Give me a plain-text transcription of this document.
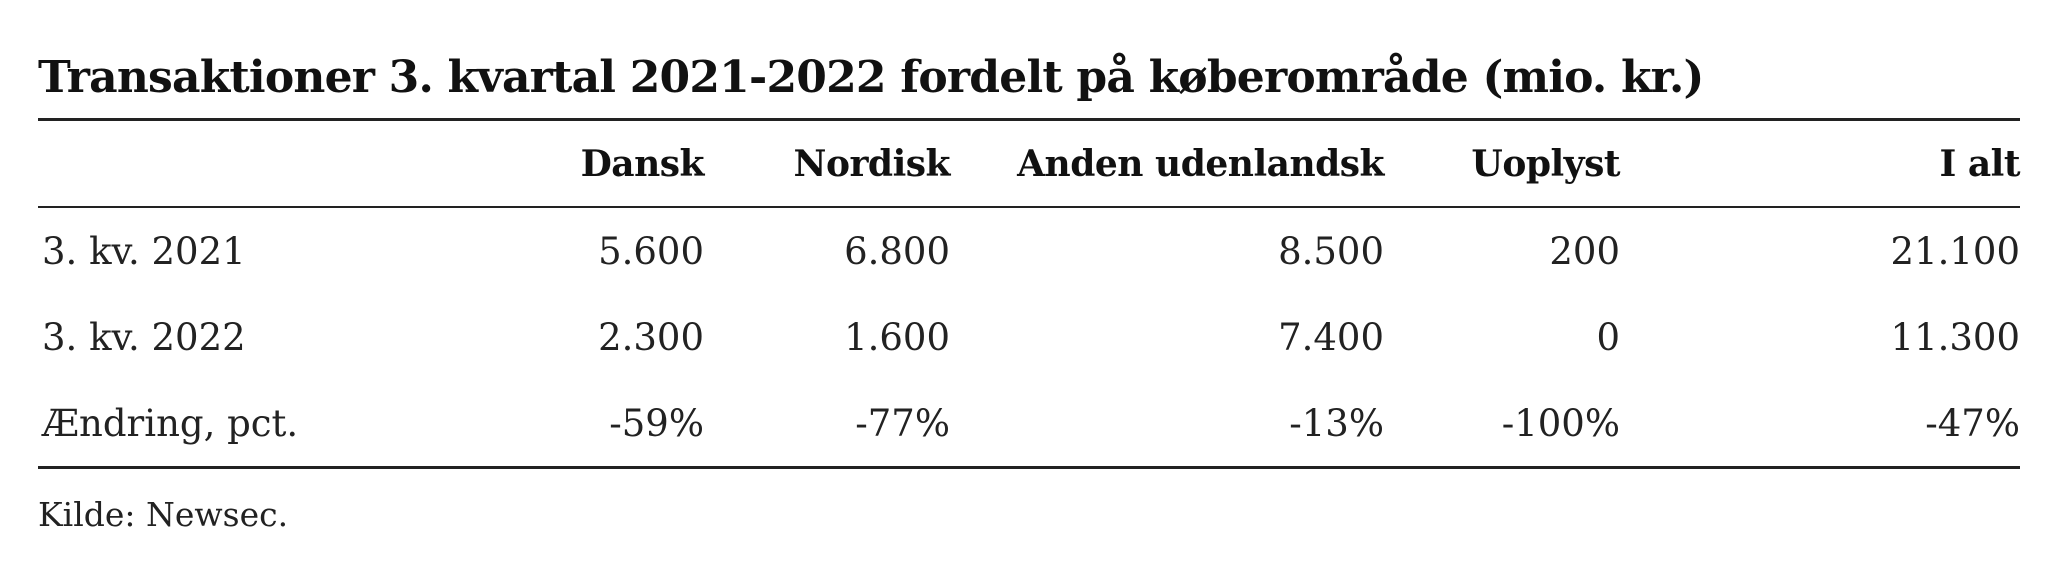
Transaktioner 3. kvartal 2021-2022 fordelt på køberområde (mio. kr.)
	Dansk	Nordisk	Anden udenlandsk	Uoplyst	I alt
3. kv. 2021	5.600	6.800	8.500	200	21.100
3. kv. 2022	2.300	1.600	7.400	0	11.300
Ændring, pct.	-59%	-77%	-13%	-100%	-47%
Kilde: Newsec.
